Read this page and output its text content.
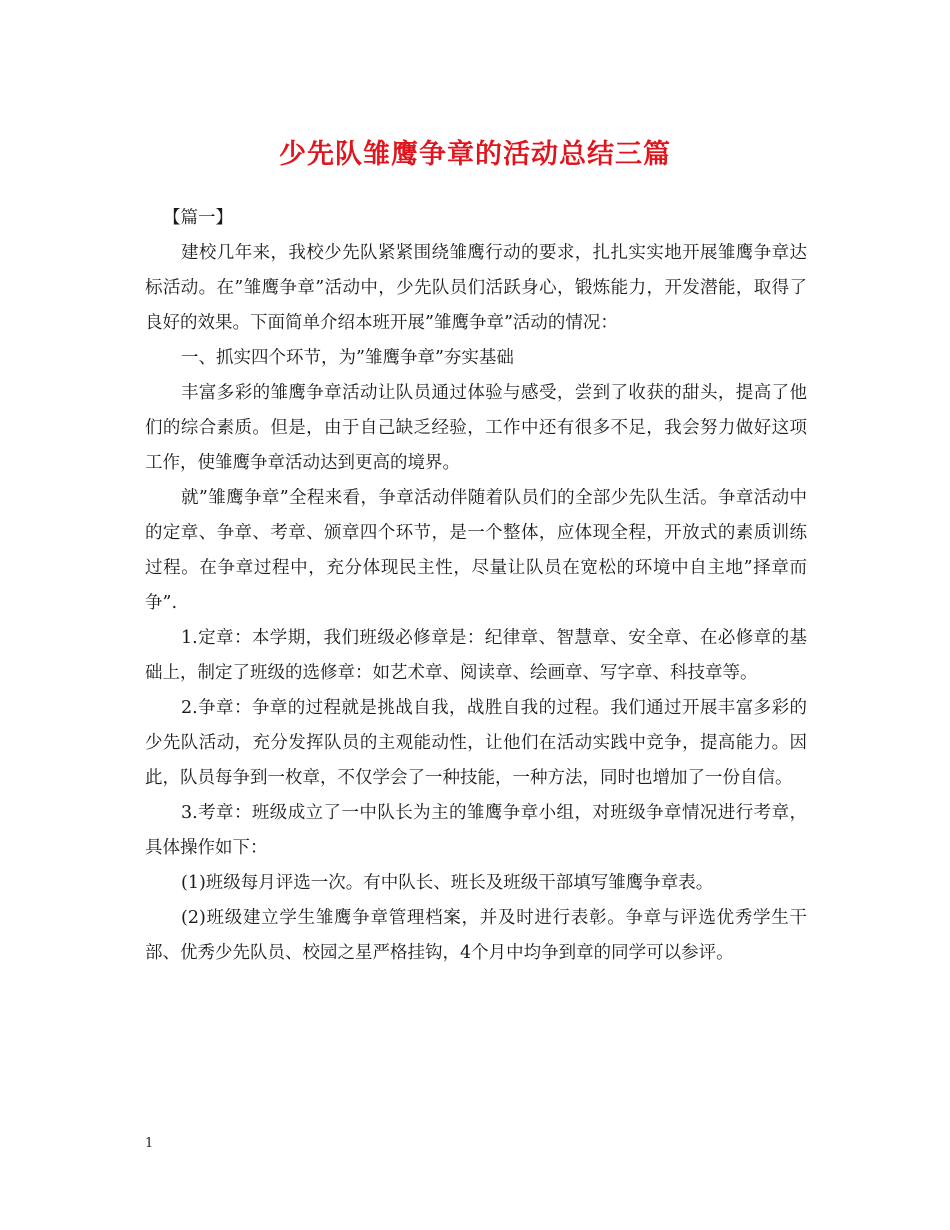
少先队雏鹰争章的活动总结三篇

【篇一】

建校几年来，我校少先队紧紧围绕雏鹰行动的要求，扎扎实实地开展雏鹰争章达标活动。在”雏鹰争章”活动中，少先队员们活跃身心，锻炼能力，开发潜能，取得了良好的效果。下面简单介绍本班开展”雏鹰争章”活动的情况：

一、抓实四个环节，为”雏鹰争章”夯实基础

丰富多彩的雏鹰争章活动让队员通过体验与感受，尝到了收获的甜头，提高了他们的综合素质。但是，由于自己缺乏经验，工作中还有很多不足，我会努力做好这项工作，使雏鹰争章活动达到更高的境界。

就”雏鹰争章”全程来看，争章活动伴随着队员们的全部少先队生活。争章活动中的定章、争章、考章、颁章四个环节，是一个整体，应体现全程，开放式的素质训练过程。在争章过程中，充分体现民主性，尽量让队员在宽松的环境中自主地”择章而争”.

1.定章：本学期，我们班级必修章是：纪律章、智慧章、安全章、在必修章的基础上，制定了班级的选修章：如艺术章、阅读章、绘画章、写字章、科技章等。

2.争章：争章的过程就是挑战自我，战胜自我的过程。我们通过开展丰富多彩的少先队活动，充分发挥队员的主观能动性，让他们在活动实践中竞争，提高能力。因此，队员每争到一枚章，不仅学会了一种技能，一种方法，同时也增加了一份自信。

3.考章：班级成立了一中队长为主的雏鹰争章小组，对班级争章情况进行考章，具体操作如下：

(1)班级每月评选一次。有中队长、班长及班级干部填写雏鹰争章表。

(2)班级建立学生雏鹰争章管理档案，并及时进行表彰。争章与评选优秀学生干部、优秀少先队员、校园之星严格挂钩，4个月中均争到章的同学可以参评。

1
